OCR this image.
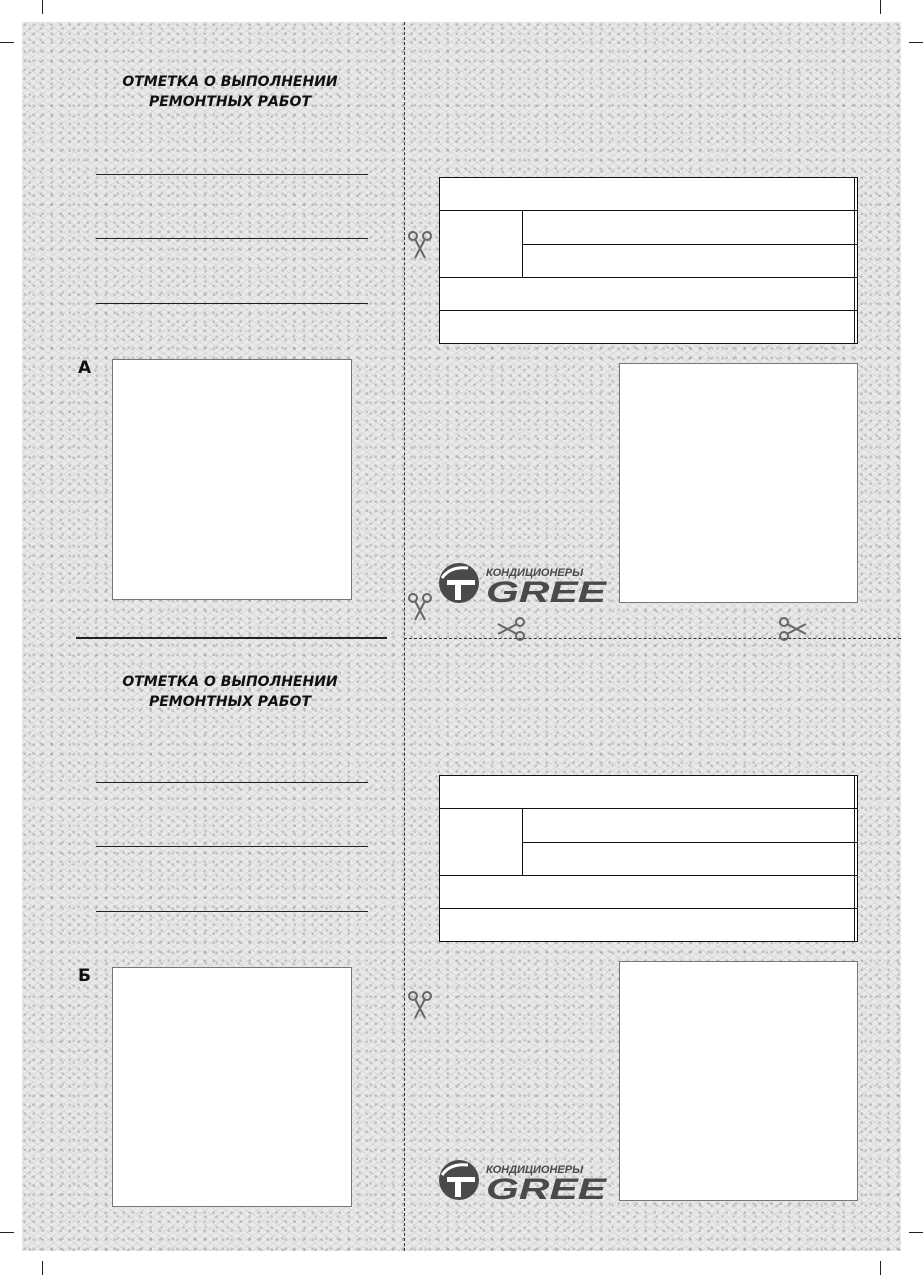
ОТМЕТКА О ВЫПОЛНЕНИИ
РЕМОНТНЫХ РАБОТ
А

КОНДИЦИОНЕРЫ
GREE
ОТМЕТКА О ВЫПОЛНЕНИИ
РЕМОНТНЫХ РАБОТ
Б

КОНДИЦИОНЕРЫ
GREE
